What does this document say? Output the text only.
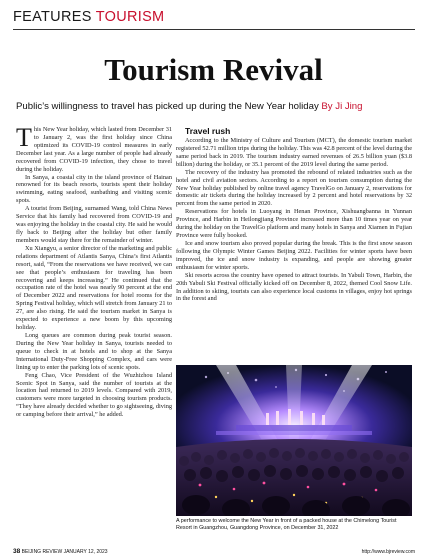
FEATURES TOURISM
Tourism Revival
Public’s willingness to travel has picked up during the New Year holiday By Ji Jing

This New Year holiday, which lasted from December 31 to January 2, was the first holiday since China optimized its COVID-19 control measures in early December last year. As a large number of people had already recovered from COVID-19 infection, they chose to travel during the holiday.

In Sanya, a coastal city in the island province of Hainan renowned for its beach resorts, tourists spent their holiday swimming, eating seafood, sunbathing and visiting scenic spots.

A tourist from Beijing, surnamed Wang, told China News Service that his family had recovered from COVID-19 and was enjoying the holiday in the coastal city. He said he would fly back to Beijing after the holiday but other family members would stay there for the remainder of winter.

Xu Xiangyu, a senior director of the marketing and public relations department of Atlantis Sanya, China’s first Atlantis resort, said, “From the reservations we have received, we can see that people’s enthusiasm for traveling has been recovering and keeps increasing.” He continued that the occupation rate of the hotel was nearly 90 percent at the end of December 2022 and reservations for hotel rooms for the Spring Festival holiday, which will stretch from January 21 to 27, are also rising. He said the tourism market in Sanya is expected to experience a new boom by this upcoming holiday.

Long queues are common during peak tourist season. During the New Year holiday in Sanya, tourists needed to queue to check in at hotels and to shop at the Sanya International Duty-Free Shopping Complex, and cars were lining up to enter the parking lots of scenic spots.

Feng Chao, Vice President of the Wuzhizhou Island Scenic Spot in Sanya, said the number of tourists at the location had returned to 2019 levels. Compared with 2019, customers were more targeted in choosing tourism products. “They have already decided whether to go sightseeing, diving or camping before their arrival,” he added.

Travel rush

According to the Ministry of Culture and Tourism (MCT), the domestic tourism market registered 52.71 million trips during the holiday. This was 42.8 percent of the level during the same period back in 2019. The tourism industry earned revenues of 26.5 billion yuan ($3.8 billion) during the holiday, or 35.1 percent of the 2019 level during the same period.

The recovery of the industry has promoted the rebound of related industries such as the hotel and civil aviation sectors. According to a report on tourism consumption during the New Year holiday published by online travel agency TravelGo on January 2, reservations for domestic air tickets during the holiday increased by 2 percent and hotel reservations by 32 percent from the same period in 2020.

Reservations for hotels in Luoyang in Henan Province, Xishuangbanna in Yunnan Province, and Harbin in Heilongjiang Province increased more than 10 times year on year during the holiday on the TravelGo platform and many hotels in Sanya and Xiamen in Fujian Province were fully booked.

Ice and snow tourism also proved popular during the break. This is the first snow season following the Olympic Winter Games Beijing 2022. Facilities for winter sports have been improved, the ice and snow industry is expanding, and people are showing greater enthusiasm for winter sports.

Ski resorts across the country have opened to attract tourists. In Yabuli Town, Harbin, the 20th Yabuli Ski Festival officially kicked off on December 8, 2022, themed Cool Snow Life. In addition to skiing, tourists can also experience local customs in villages, enjoy hot springs in the forest and

A performance to welcome the New Year in front of a packed house at the Chimelong Tourist Resort in Guangzhou, Guangdong Province, on December 31, 2022
38 BEIJING REVIEW JANUARY 12, 2023	http://www.bjreview.com
